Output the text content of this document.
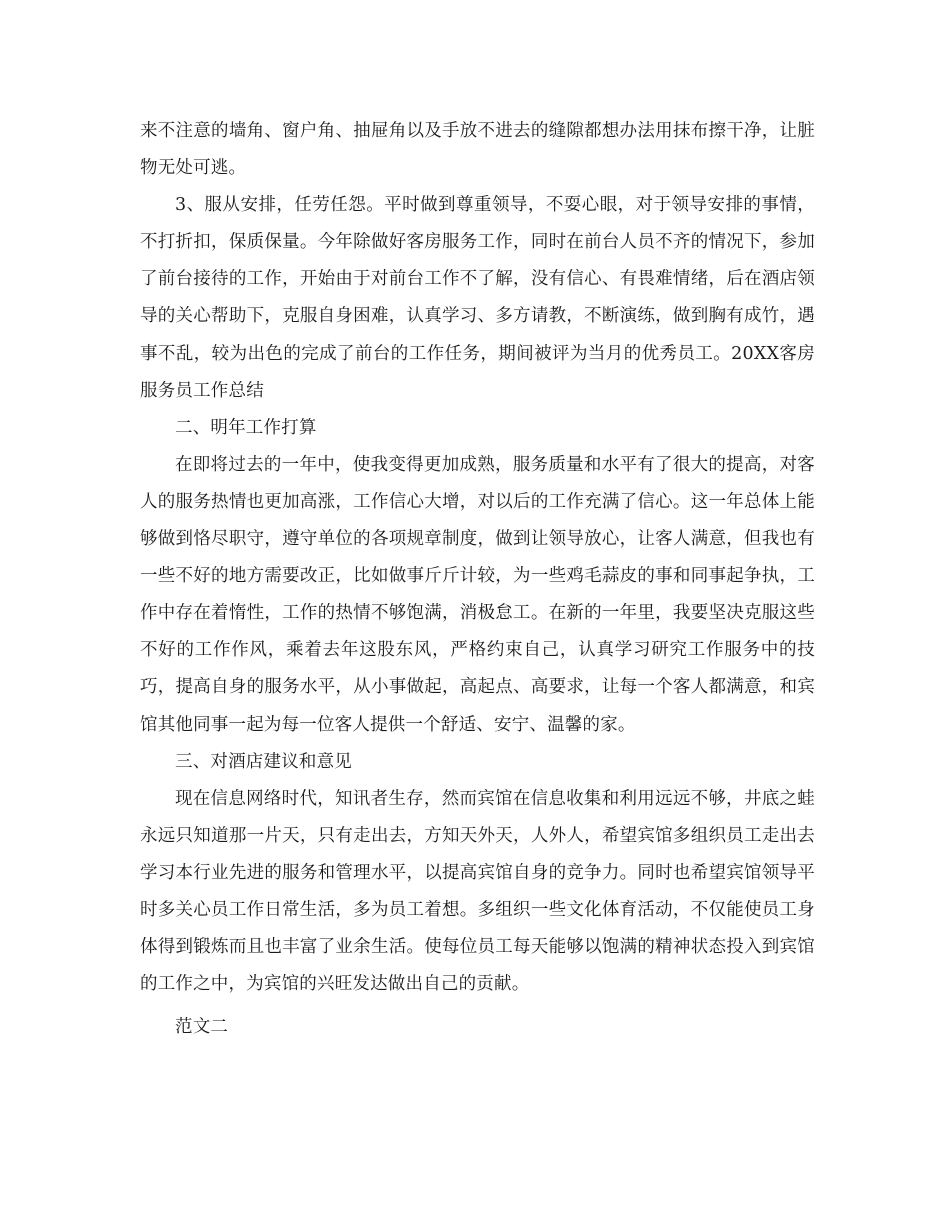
来不注意的墙角、窗户角、抽屉角以及手放不进去的缝隙都想办法用抹布擦干净，让脏物无处可逃。

3、服从安排，任劳任怨。平时做到尊重领导，不耍心眼，对于领导安排的事情，不打折扣，保质保量。今年除做好客房服务工作，同时在前台人员不齐的情况下，参加了前台接待的工作，开始由于对前台工作不了解，没有信心、有畏难情绪，后在酒店领导的关心帮助下，克服自身困难，认真学习、多方请教，不断演练，做到胸有成竹，遇事不乱，较为出色的完成了前台的工作任务，期间被评为当月的优秀员工。20XX客房服务员工作总结

二、明年工作打算

在即将过去的一年中，使我变得更加成熟，服务质量和水平有了很大的提高，对客人的服务热情也更加高涨，工作信心大增，对以后的工作充满了信心。这一年总体上能够做到恪尽职守，遵守单位的各项规章制度，做到让领导放心，让客人满意，但我也有一些不好的地方需要改正，比如做事斤斤计较，为一些鸡毛蒜皮的事和同事起争执，工作中存在着惰性，工作的热情不够饱满，消极怠工。在新的一年里，我要坚决克服这些不好的工作作风，乘着去年这股东风，严格约束自己，认真学习研究工作服务中的技巧，提高自身的服务水平，从小事做起，高起点、高要求，让每一个客人都满意，和宾馆其他同事一起为每一位客人提供一个舒适、安宁、温馨的家。

三、对酒店建议和意见

现在信息网络时代，知讯者生存，然而宾馆在信息收集和利用远远不够，井底之蛙永远只知道那一片天，只有走出去，方知天外天，人外人，希望宾馆多组织员工走出去学习本行业先进的服务和管理水平，以提高宾馆自身的竞争力。同时也希望宾馆领导平时多关心员工作日常生活，多为员工着想。多组织一些文化体育活动，不仅能使员工身体得到锻炼而且也丰富了业余生活。使每位员工每天能够以饱满的精神状态投入到宾馆的工作之中，为宾馆的兴旺发达做出自己的贡献。

范文二
